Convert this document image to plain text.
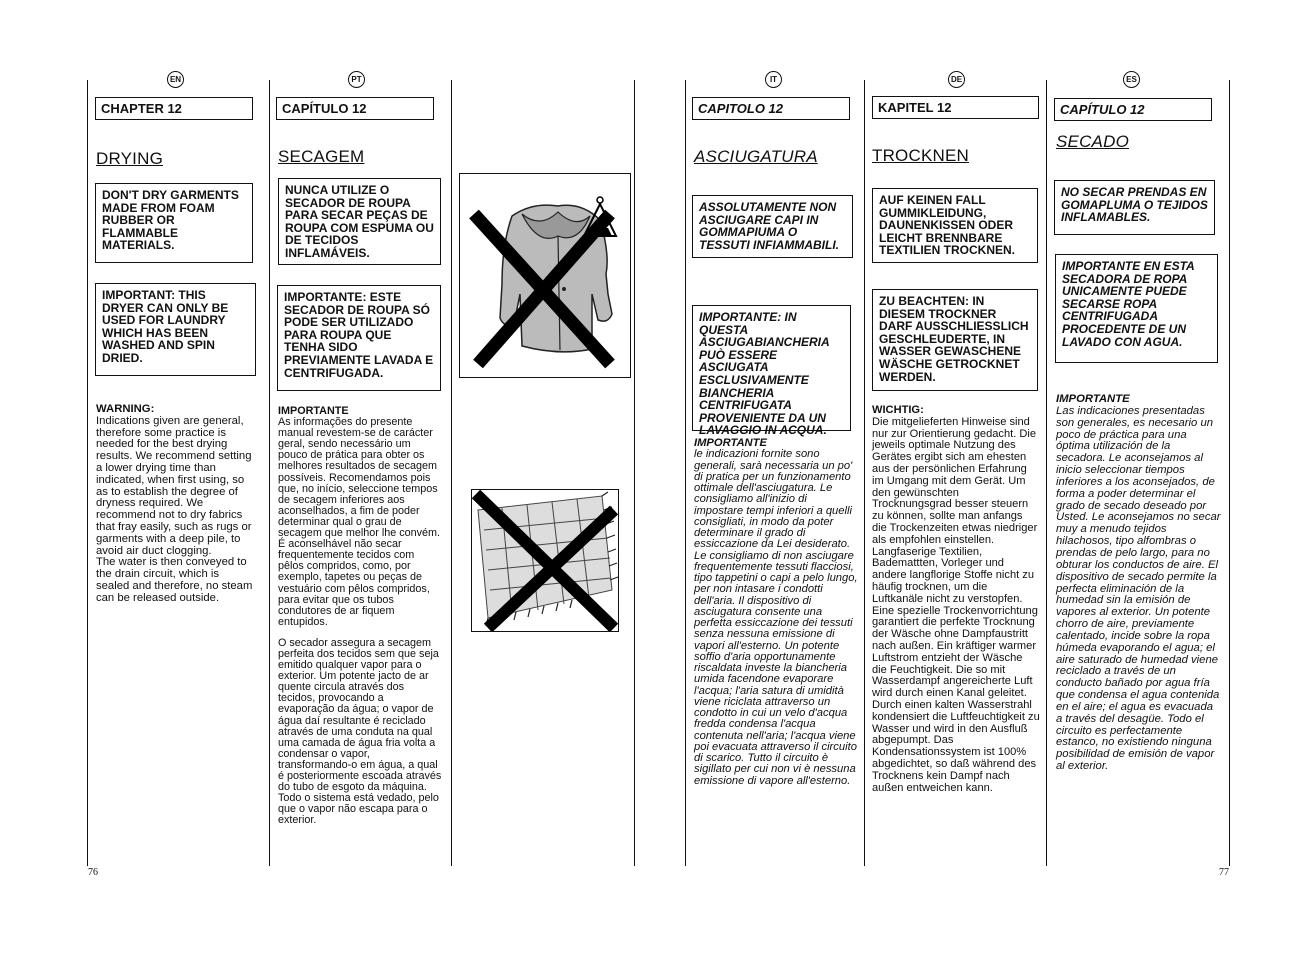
EN
CHAPTER 12
DRYING
DON'T DRY GARMENTS MADE FROM FOAM RUBBER OR FLAMMABLE MATERIALS.
IMPORTANT: THIS DRYER CAN ONLY BE USED FOR LAUNDRY WHICH HAS BEEN WASHED AND SPIN DRIED.

WARNING:

Indications given are general, therefore some practice is needed for the best drying results. We recommend setting a lower drying time than indicated, when first using, so as to establish the degree of dryness required. We recommend not to dry fabrics that fray easily, such as rugs or garments with a deep pile, to avoid air duct clogging.

The water is then conveyed to the drain circuit, which is sealed and therefore, no steam can be released outside.

PT
CAPÍTULO 12
SECAGEM
NUNCA UTILIZE O SECADOR DE ROUPA PARA SECAR PEÇAS DE ROUPA COM ESPUMA OU DE TECIDOS INFLAMÁVEIS.
IMPORTANTE: ESTE SECADOR DE ROUPA SÓ PODE SER UTILIZADO PARA ROUPA QUE TENHA SIDO PREVIAMENTE LAVADA E CENTRIFUGADA.

IMPORTANTE

As informações do presente manual revestem-se de carácter geral, sendo necessário um pouco de prática para obter os melhores resultados de secagem possíveis. Recomendamos pois que, no início, seleccione tempos de secagem inferiores aos aconselhados, a fim de poder determinar qual o grau de secagem que melhor lhe convém. É aconselhável não secar frequentemente tecidos com pêlos compridos, como, por exemplo, tapetes ou peças de vestuário com pêlos compridos, para evitar que os tubos condutores de ar fiquem entupidos.

O secador assegura a secagem perfeita dos tecidos sem que seja emitido qualquer vapor para o exterior. Um potente jacto de ar quente circula através dos tecidos, provocando a evaporação da água; o vapor de água daí resultante é reciclado através de uma conduta na qual uma camada de água fria volta a condensar o vapor, transformando-o em água, a qual é posteriormente escoada através do tubo de esgoto da máquina. Todo o sistema está vedado, pelo que o vapor não escapa para o exterior.

IT
CAPITOLO 12
ASCIUGATURA
ASSOLUTAMENTE NON ASCIUGARE CAPI IN GOMMAPIUMA O TESSUTI INFIAMMABILI.
IMPORTANTE: IN QUESTA ASCIUGABIANCHERIA PUÒ ESSERE ASCIUGATA ESCLUSIVAMENTE BIANCHERIA CENTRIFUGATA PROVENIENTE DA UN LAVAGGIO IN ACQUA.

IMPORTANTE

le indicazioni fornite sono generali, sarà necessaria un po' di pratica per un funzionamento ottimale dell'asciugatura. Le consigliamo all'inizio di impostare tempi inferiori a quelli consigliati, in modo da poter determinare il grado di essiccazione da Lei desiderato. Le consigliamo di non asciugare frequentemente tessuti flacciosi, tipo tappetini o capi a pelo lungo, per non intasare i condotti dell'aria. Il dispositivo di asciugatura consente una perfetta essiccazione dei tessuti senza nessuna emissione di vapori all'esterno. Un potente soffio d'aria opportunamente riscaldata investe la biancheria umida facendone evaporare l'acqua; l'aria satura di umidità viene riciclata attraverso un condotto in cui un velo d'acqua fredda condensa l'acqua contenuta nell'aria; l'acqua viene poi evacuata attraverso il circuito di scarico. Tutto il circuito è sigillato per cui non vi è nessuna emissione di vapore all'esterno.

DE
KAPITEL 12
TROCKNEN
AUF KEINEN FALL GUMMIKLEIDUNG, DAUNENKISSEN ODER LEICHT BRENNBARE TEXTILIEN TROCKNEN.
ZU BEACHTEN: IN DIESEM TROCKNER DARF AUSSCHLIESSLICH GESCHLEUDERTE, IN WASSER GEWASCHENE WÄSCHE GETROCKNET WERDEN.

WICHTIG:

Die mitgelieferten Hinweise sind nur zur Orientierung gedacht. Die jeweils optimale Nutzung des Gerätes ergibt sich am ehesten aus der persönlichen Erfahrung im Umgang mit dem Gerät. Um den gewünschten Trocknungsgrad besser steuern zu können, sollte man anfangs die Trockenzeiten etwas niedriger als empfohlen einstellen. Langfaserige Textilien, Bademattten, Vorleger und andere langflorige Stoffe nicht zu häufig trocknen, um die Luftkanäle nicht zu verstopfen. Eine spezielle Trockenvorrichtung garantiert die perfekte Trocknung der Wäsche ohne Dampfaustritt nach außen. Ein kräftiger warmer Luftstrom entzieht der Wäsche die Feuchtigkeit. Die so mit Wasserdampf angereicherte Luft wird durch einen Kanal geleitet. Durch einen kalten Wasserstrahl kondensiert die Luftfeuchtigkeit zu Wasser und wird in den Ausfluß abgepumpt. Das Kondensationssystem ist 100% abgedichtet, so daß während des Trocknens kein Dampf nach außen entweichen kann.

ES
CAPÍTULO 12
SECADO
NO SECAR PRENDAS EN GOMAPLUMA O TEJIDOS INFLAMABLES.
IMPORTANTE EN ESTA SECADORA DE ROPA UNICAMENTE PUEDE SECARSE ROPA CENTRIFUGADA PROCEDENTE DE UN LAVADO CON AGUA.

IMPORTANTE

Las indicaciones presentadas son generales, es necesario un poco de práctica para una óptima utilización de la secadora. Le aconsejamos al inicio seleccionar tiempos inferiores a los aconsejados, de forma a poder determinar el grado de secado deseado por Usted. Le aconsejamos no secar muy a menudo tejidos hilachosos, tipo alfombras o prendas de pelo largo, para no obturar los conductos de aire. El dispositivo de secado permite la perfecta eliminación de la humedad sin la emisión de vapores al exterior. Un potente chorro de aire, previamente calentado, incide sobre la ropa húmeda evaporando el agua; el aire saturado de humedad viene reciclado a través de un conducto bañado por agua fría que condensa el agua contenida en el aire; el agua es evacuada a través del desagüe. Todo el circuito es perfectamente estanco, no existiendo ninguna posibilidad de emisión de vapor al exterior.

76	77
